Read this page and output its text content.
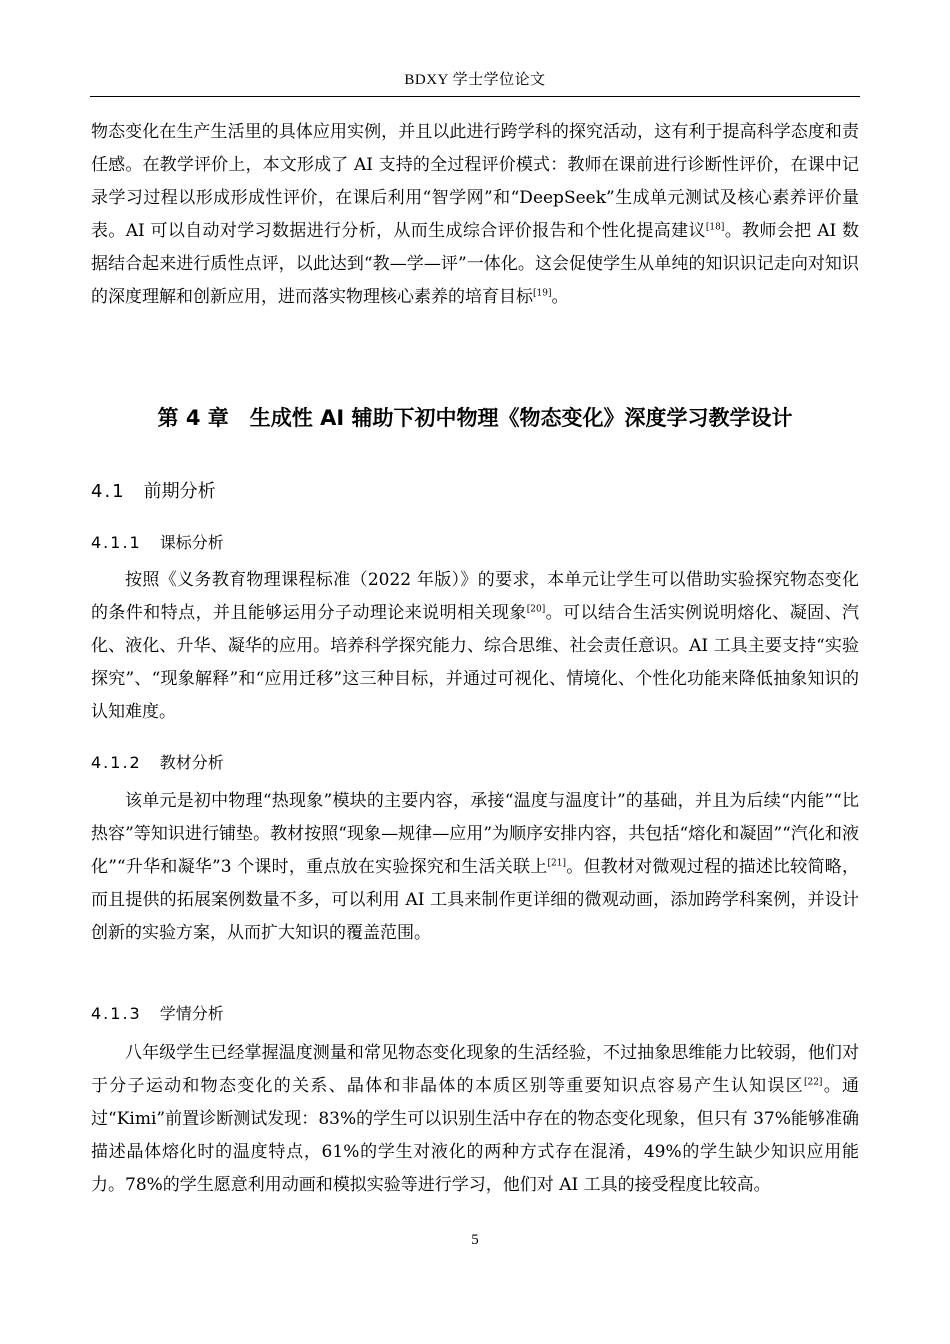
BDXY 学士学位论文

物态变化在生产生活里的具体应用实例，并且以此进行跨学科的探究活动，这有利于提高科学态度和责任感。在教学评价上，本文形成了 AI 支持的全过程评价模式：教师在课前进行诊断性评价，在课中记录学习过程以形成形成性评价，在课后利用“智学网”和“DeepSeek”生成单元测试及核心素养评价量表。AI 可以自动对学习数据进行分析，从而生成综合评价报告和个性化提高建议[18]。教师会把 AI 数据结合起来进行质性点评，以此达到“教—学—评”一体化。这会促使学生从单纯的知识识记走向对知识的深度理解和创新应用，进而落实物理核心素养的培育目标[19]。

第 4 章　生成性 AI 辅助下初中物理《物态变化》深度学习教学设计
4.1 前期分析
4.1.1 课标分析

按照《义务教育物理课程标准（2022 年版）》的要求，本单元让学生可以借助实验探究物态变化的条件和特点，并且能够运用分子动理论来说明相关现象[20]。可以结合生活实例说明熔化、凝固、汽化、液化、升华、凝华的应用。培养科学探究能力、综合思维、社会责任意识。AI 工具主要支持“实验探究”、“现象解释”和“应用迁移”这三种目标，并通过可视化、情境化、个性化功能来降低抽象知识的认知难度。

4.1.2 教材分析

该单元是初中物理“热现象”模块的主要内容，承接“温度与温度计”的基础，并且为后续“内能”“比热容”等知识进行铺垫。教材按照“现象—规律—应用”为顺序安排内容，共包括“熔化和凝固”“汽化和液化”“升华和凝华”3 个课时，重点放在实验探究和生活关联上[21]。但教材对微观过程的描述比较简略，而且提供的拓展案例数量不多，可以利用 AI 工具来制作更详细的微观动画，添加跨学科案例，并设计创新的实验方案，从而扩大知识的覆盖范围。

4.1.3 学情分析

八年级学生已经掌握温度测量和常见物态变化现象的生活经验，不过抽象思维能力比较弱，他们对于分子运动和物态变化的关系、晶体和非晶体的本质区别等重要知识点容易产生认知误区[22]。通过“Kimi”前置诊断测试发现：83%的学生可以识别生活中存在的物态变化现象，但只有 37%能够准确描述晶体熔化时的温度特点，61%的学生对液化的两种方式存在混淆，49%的学生缺少知识应用能力。78%的学生愿意利用动画和模拟实验等进行学习，他们对 AI 工具的接受程度比较高。

5
